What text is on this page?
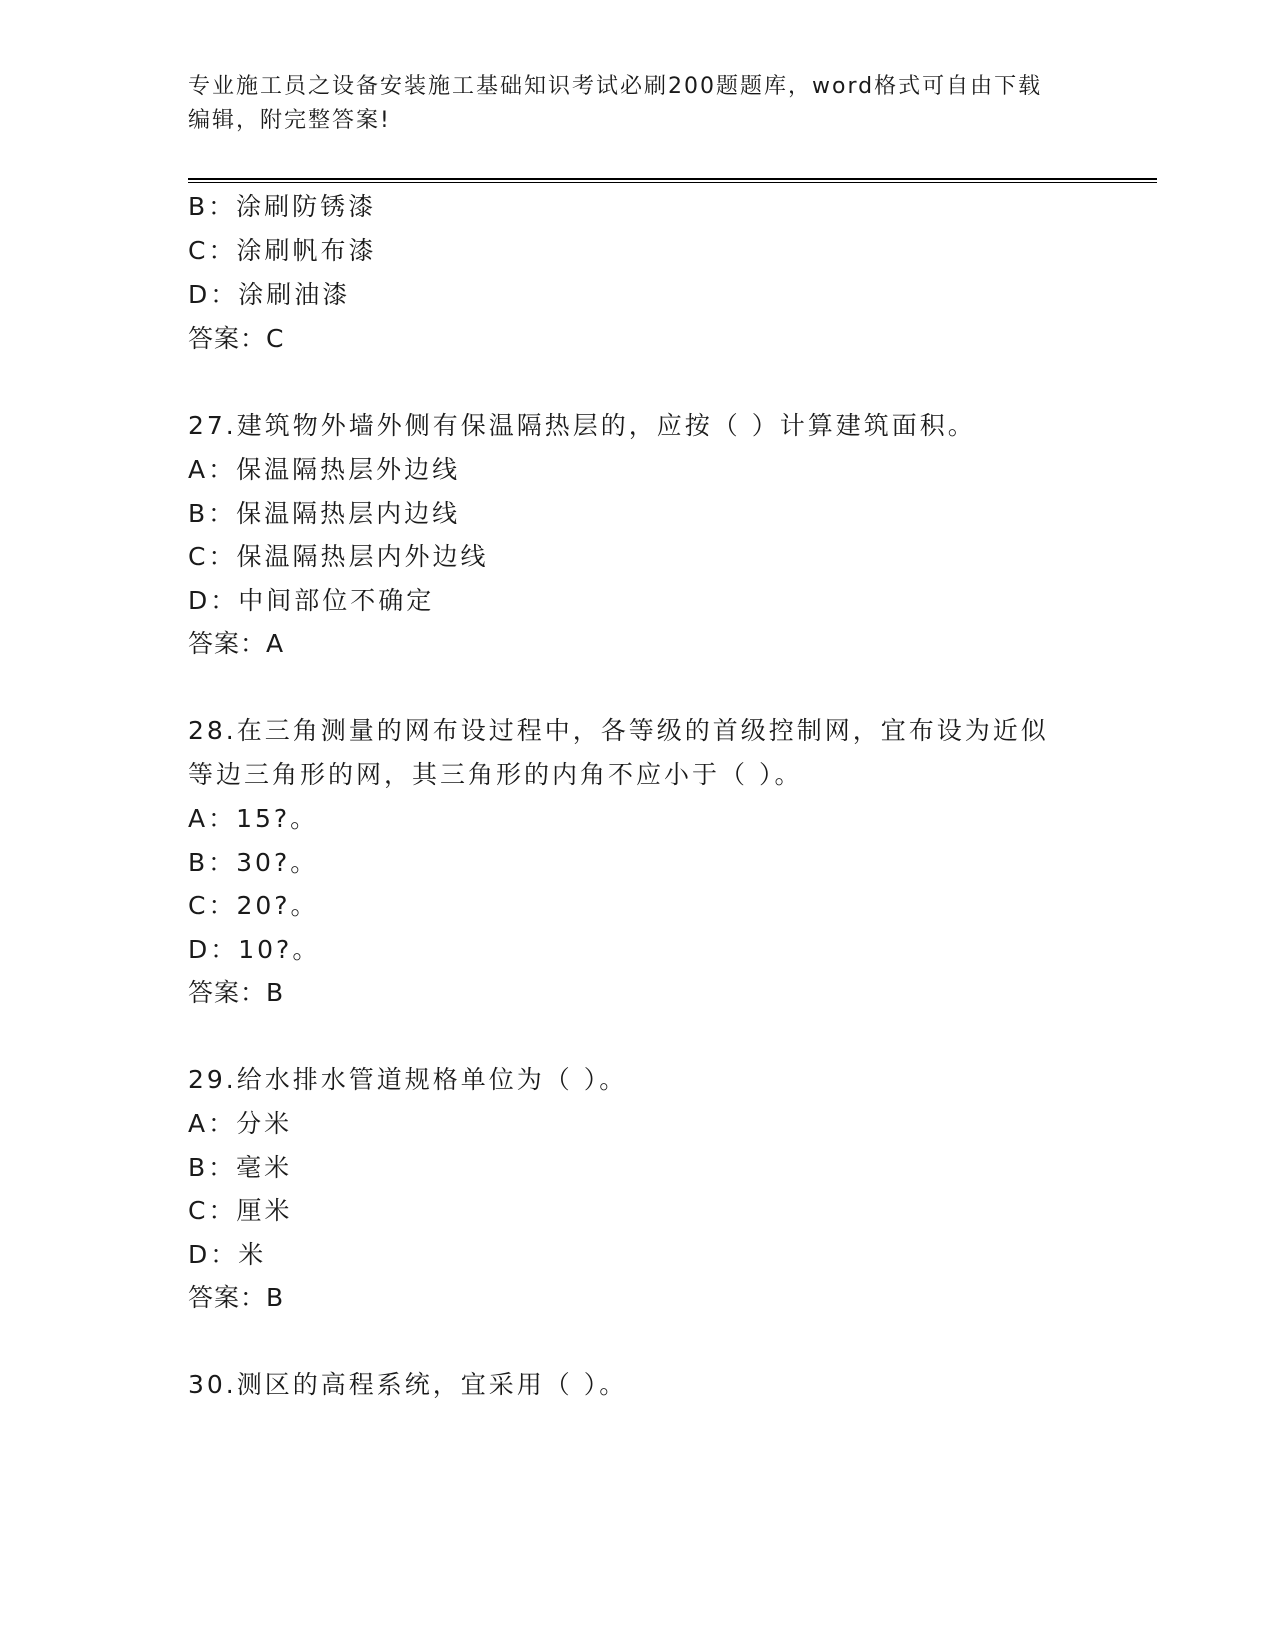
专业施工员之设备安装施工基础知识考试必刷200题题库，word格式可自由下载
编辑，附完整答案!
B：涂刷防锈漆
C：涂刷帆布漆
D：涂刷油漆
答案：C
27.建筑物外墙外侧有保温隔热层的，应按（ ）计算建筑面积。
A：保温隔热层外边线
B：保温隔热层内边线
C：保温隔热层内外边线
D：中间部位不确定
答案：A
28.在三角测量的网布设过程中，各等级的首级控制网，宜布设为近似
等边三角形的网，其三角形的内角不应小于（ ）。
A：15?。
B：30?。
C：20?。
D：10?。
答案：B
29.给水排水管道规格单位为（ ）。
A：分米
B：毫米
C：厘米
D：米
答案：B
30.测区的高程系统，宜采用（ ）。
